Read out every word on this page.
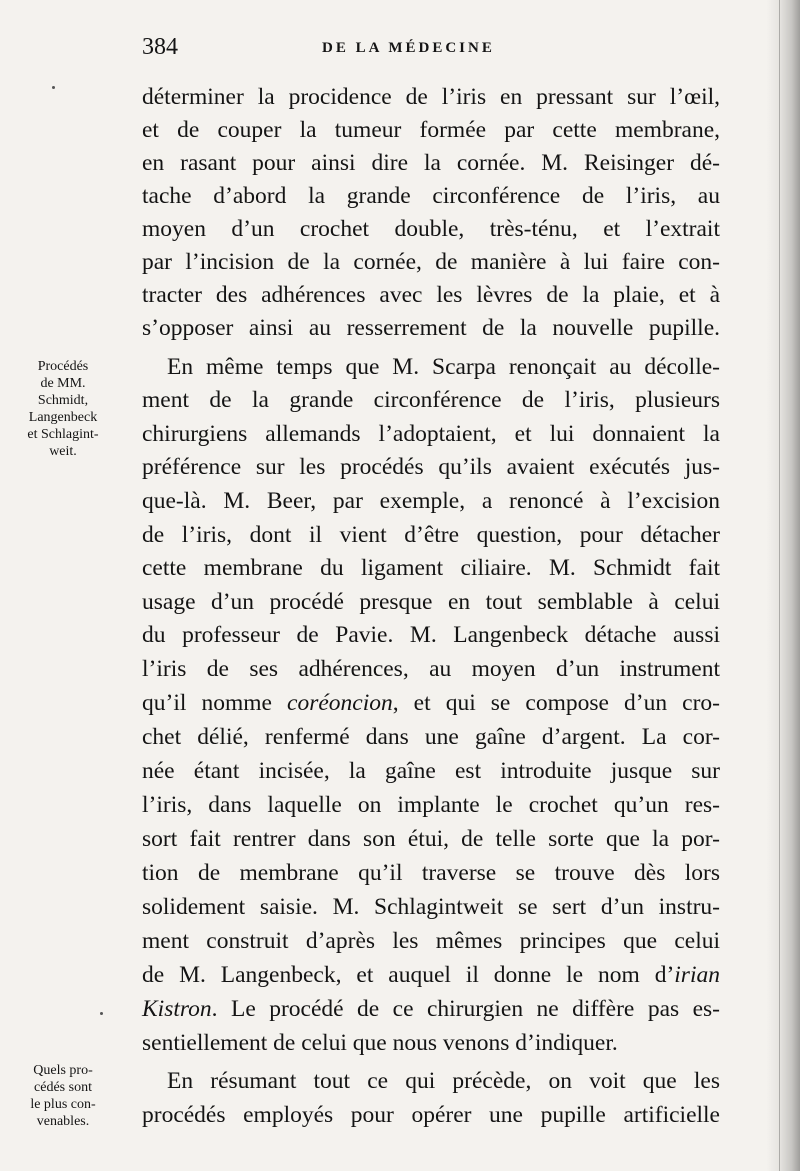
384	DE LA MÉDECINE
Procédés
de MM.
Schmidt,
Langenbeck
et Schlagint-
weit.
Quels pro-
cédés sont
le plus con-
venables.
déterminer la procidence de l’iris en pressant sur l’œil,
et de couper la tumeur formée par cette membrane,
en rasant pour ainsi dire la cornée. M. Reisinger dé-
tache d’abord la grande circonférence de l’iris, au
moyen d’un crochet double, très-ténu, et l’extrait
par l’incision de la cornée, de manière à lui faire con-
tracter des adhérences avec les lèvres de la plaie, et à
s’opposer ainsi au resserrement de la nouvelle pupille.
En même temps que M. Scarpa renonçait au décolle-
ment de la grande circonférence de l’iris, plusieurs
chirurgiens allemands l’adoptaient, et lui donnaient la
préférence sur les procédés qu’ils avaient exécutés jus-
que-là. M. Beer, par exemple, a renoncé à l’excision
de l’iris, dont il vient d’être question, pour détacher
cette membrane du ligament ciliaire. M. Schmidt fait
usage d’un procédé presque en tout semblable à celui
du professeur de Pavie. M. Langenbeck détache aussi
l’iris de ses adhérences, au moyen d’un instrument
qu’il nomme coréoncion, et qui se compose d’un cro-
chet délié, renfermé dans une gaîne d’argent. La cor-
née étant incisée, la gaîne est introduite jusque sur
l’iris, dans laquelle on implante le crochet qu’un res-
sort fait rentrer dans son étui, de telle sorte que la por-
tion de membrane qu’il traverse se trouve dès lors
solidement saisie. M. Schlagintweit se sert d’un instru-
ment construit d’après les mêmes principes que celui
de M. Langenbeck, et auquel il donne le nom d’irian
Kistron. Le procédé de ce chirurgien ne diffère pas es-
sentiellement de celui que nous venons d’indiquer.
En résumant tout ce qui précède, on voit que les
procédés employés pour opérer une pupille artificielle
